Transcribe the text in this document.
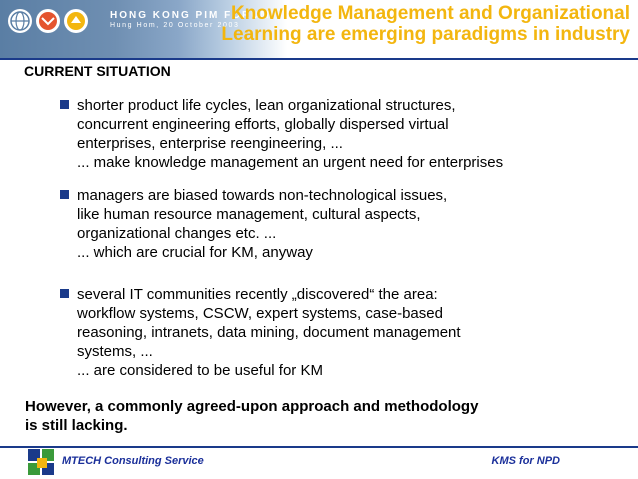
HONG KONG PIM FORUM
Hung Hom, 20 October 2003
Knowledge Management and Organizational
Learning are emerging paradigms in industry
CURRENT SITUATION
shorter product life cycles, lean organizational structures,
concurrent engineering efforts, globally dispersed virtual
enterprises, enterprise reengineering, ...
... make knowledge management an urgent need for enterprises
managers are biased towards non-technological issues,
like human resource management, cultural aspects,
organizational changes etc. ...
... which are crucial for KM, anyway
several IT communities recently „discovered“ the area:
workflow systems, CSCW, expert systems, case-based
reasoning, intranets, data mining, document management
systems, ...
... are considered to be useful for KM
However, a commonly agreed-upon approach and methodology
is still lacking.
MTECH Consulting Service	KMS for NPD
